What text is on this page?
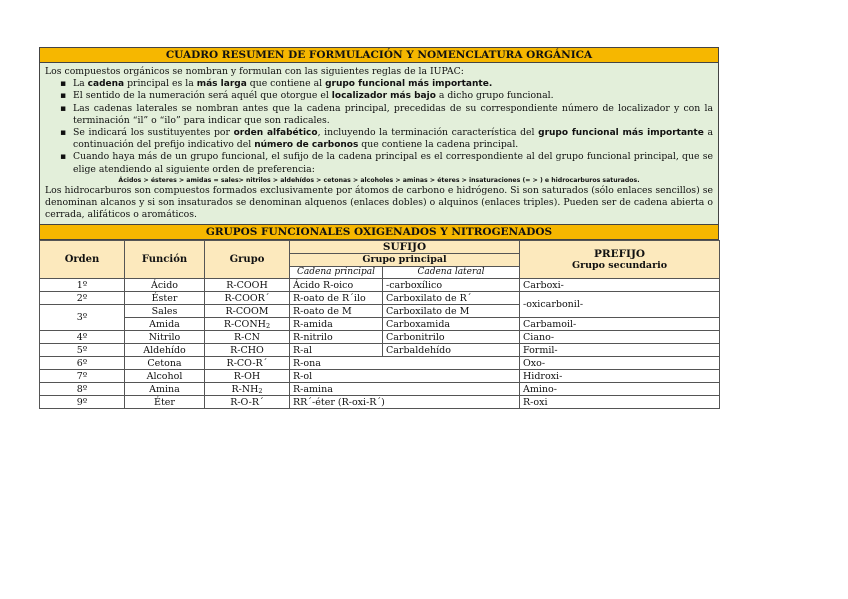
CUADRO RESUMEN DE FORMULACIÓN Y NOMENCLATURA ORGÁNICA

Los compuestos orgánicos se nombran y formulan con las siguientes reglas de la IUPAC:

▪ La cadena principal es la más larga que contiene al grupo funcional más importante.
▪ El sentido de la numeración será aquél que otorgue el localizador más bajo a dicho grupo funcional.
▪ Las cadenas laterales se nombran antes que la cadena principal, precedidas de su correspondiente número de localizador y con la terminación “il” o “ilo” para indicar que son radicales.
▪ Se indicará los sustituyentes por orden alfabético, incluyendo la terminación característica del grupo funcional más importante a continuación del prefijo indicativo del número de carbonos que contiene la cadena principal.
▪ Cuando haya más de un grupo funcional, el sufijo de la cadena principal es el correspondiente al del grupo funcional principal, que se elige atendiendo al siguiente orden de preferencia:
Ácidos > ésteres > amidas = sales> nitrilos > aldehídos > cetonas > alcoholes > aminas > éteres > insaturaciones (= > ) e hidrocarburos saturados.

Los hidrocarburos son compuestos formados exclusivamente por átomos de carbono e hidrógeno. Si son saturados (sólo enlaces sencillos) se denominan alcanos y si son insaturados se denominan alquenos (enlaces dobles) o alquinos (enlaces triples). Pueden ser de cadena abierta o cerrada, alifáticos o aromáticos.

GRUPOS FUNCIONALES OXIGENADOS Y NITROGENADOS
Orden	Función	Grupo	SUFIJO		PREFIJO
Grupo secundario

			Grupo principal		
			Cadena principal	Cadena lateral	
1º	Ácido	R-COOH	Ácido R-oico	-carboxílico	Carboxi-
2º	Éster	R-COOR´	R-oato de R´ilo	Carboxilato de R´	-oxicarbonil-
3º	Sales	R-COOM	R-oato de M	Carboxilato de M	
	Amida	$R-CONH_2$	R-amida	Carboxamida	Carbamoil-
4º	Nitrilo	R-CN	R-nitrilo	Carbonitrilo	Ciano-
5º	Aldehído	R-CHO	R-al	Carbaldehído	Formil-
6º	Cetona	R-CO-R´	R-ona		Oxo-
7º	Alcohol	R-OH	R-ol		Hidroxi-
8º	Amina	$R-NH_2$	R-amina		Amino-
9º	Éter	R-O-R´	RR´-éter (R-oxi-R´)		R-oxi
